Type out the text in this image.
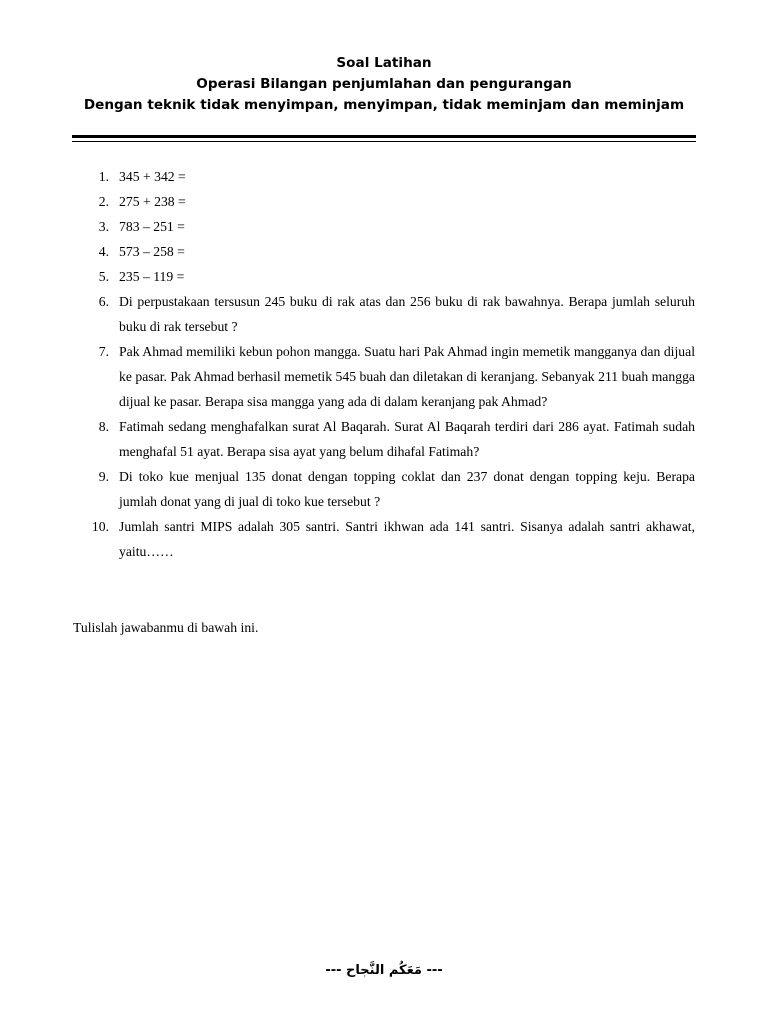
Soal Latihan
Operasi Bilangan penjumlahan dan pengurangan
Dengan teknik tidak menyimpan, menyimpan, tidak meminjam dan meminjam
1 . 345 + 342 =
2 . 275 + 238 =
3 . 783 – 251 =
4 . 573 – 258 =
5 . 235 – 119 =
6 . Di perpustakaan tersusun 245 buku di rak atas dan 256 buku di rak bawahnya. Berapa jumlah seluruh buku di rak tersebut ?
7 . Pak Ahmad memiliki kebun pohon mangga. Suatu hari Pak Ahmad ingin memetik mangganya dan dijual ke pasar. Pak Ahmad berhasil memetik 545 buah dan diletakan di keranjang. Sebanyak 211 buah mangga dijual ke pasar. Berapa sisa mangga yang ada di dalam keranjang pak Ahmad?
8 . Fatimah sedang menghafalkan surat Al Baqarah. Surat Al Baqarah terdiri dari 286 ayat. Fatimah sudah menghafal 51 ayat. Berapa sisa ayat yang belum dihafal Fatimah?
9 . Di toko kue menjual 135 donat dengan topping coklat dan 237 donat dengan topping keju. Berapa jumlah donat yang di jual di toko kue tersebut ?
10 . Jumlah santri MIPS adalah 305 santri. Santri ikhwan ada 141 santri. Sisanya adalah santri akhawat, yaitu……
Tulislah jawabanmu di bawah ini.
--- مَعَكُم النَّجاح ---
